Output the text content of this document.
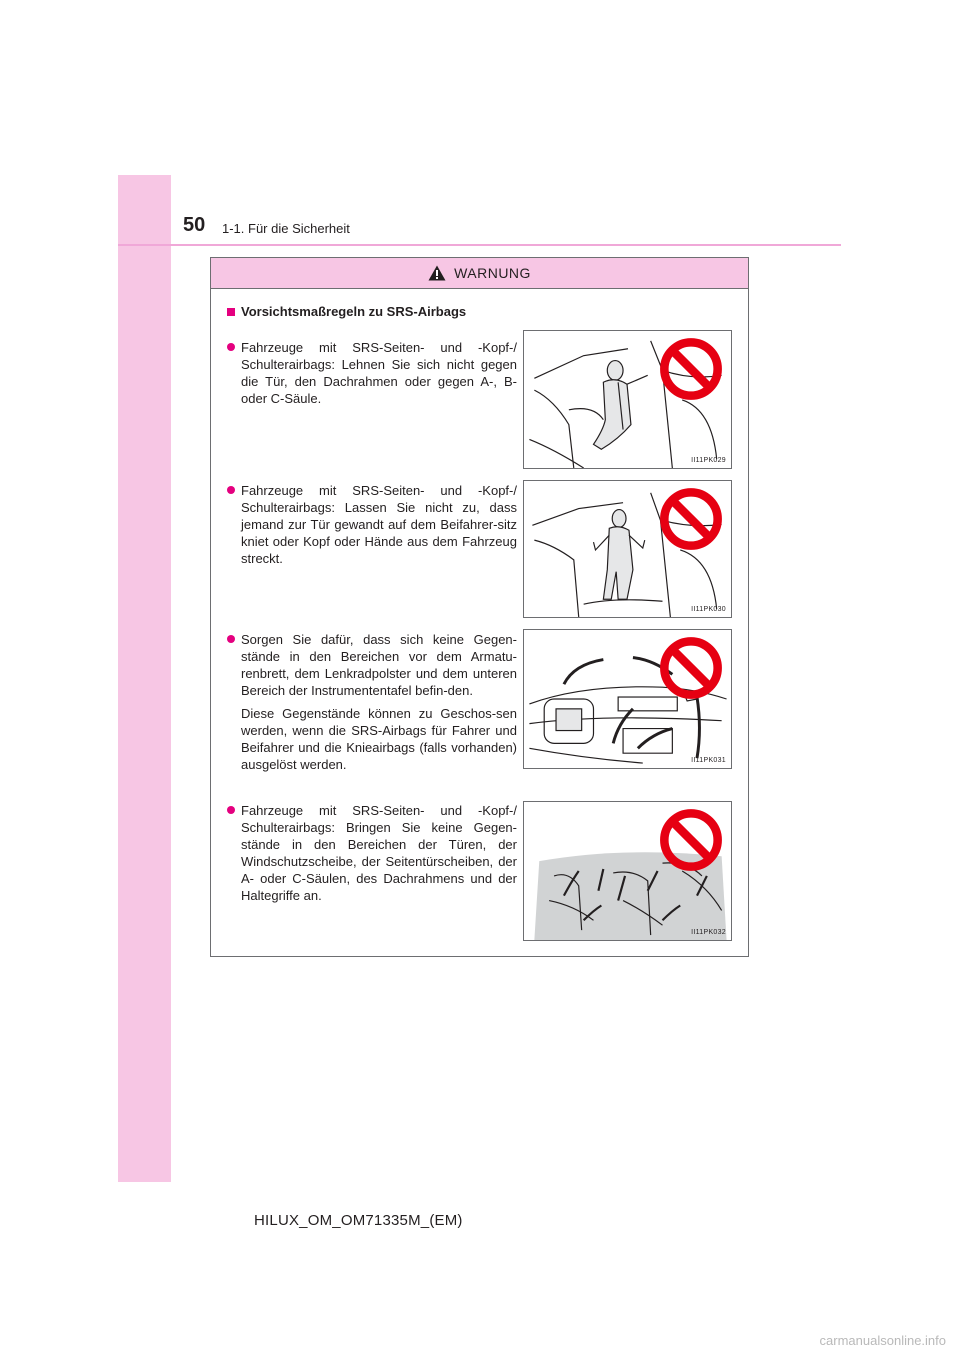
50 1-1. Für die Sicherheit
WARNUNG
Vorsichtsmaßregeln zu SRS-Airbags

Fahrzeuge mit SRS-Seiten- und -Kopf-/ Schulterairbags: Lehnen Sie sich nicht gegen die Tür, den Dachrahmen oder gegen A-, B- oder C-Säule.

II11PK029

Fahrzeuge mit SRS-Seiten- und -Kopf-/ Schulterairbags: Lassen Sie nicht zu, dass jemand zur Tür gewandt auf dem Beifahrer-sitz kniet oder Kopf oder Hände aus dem Fahrzeug streckt.

II11PK030

Sorgen Sie dafür, dass sich keine Gegen-stände in den Bereichen vor dem Armatu-renbrett, dem Lenkradpolster und dem unteren Bereich der Instrumententafel befin-den.

Diese Gegenstände können zu Geschos-sen werden, wenn die SRS-Airbags für Fahrer und Beifahrer und die Knieairbags (falls vorhanden) ausgelöst werden.	II11PK031

Fahrzeuge mit SRS-Seiten- und -Kopf-/ Schulterairbags: Bringen Sie keine Gegen-stände in den Bereichen der Türen, der Windschutzscheibe, der Seitentürscheiben, der A- oder C-Säulen, des Dachrahmens und der Haltegriffe an.

II11PK032
HILUX_OM_OM71335M_(EM)
carmanualsonline.info
